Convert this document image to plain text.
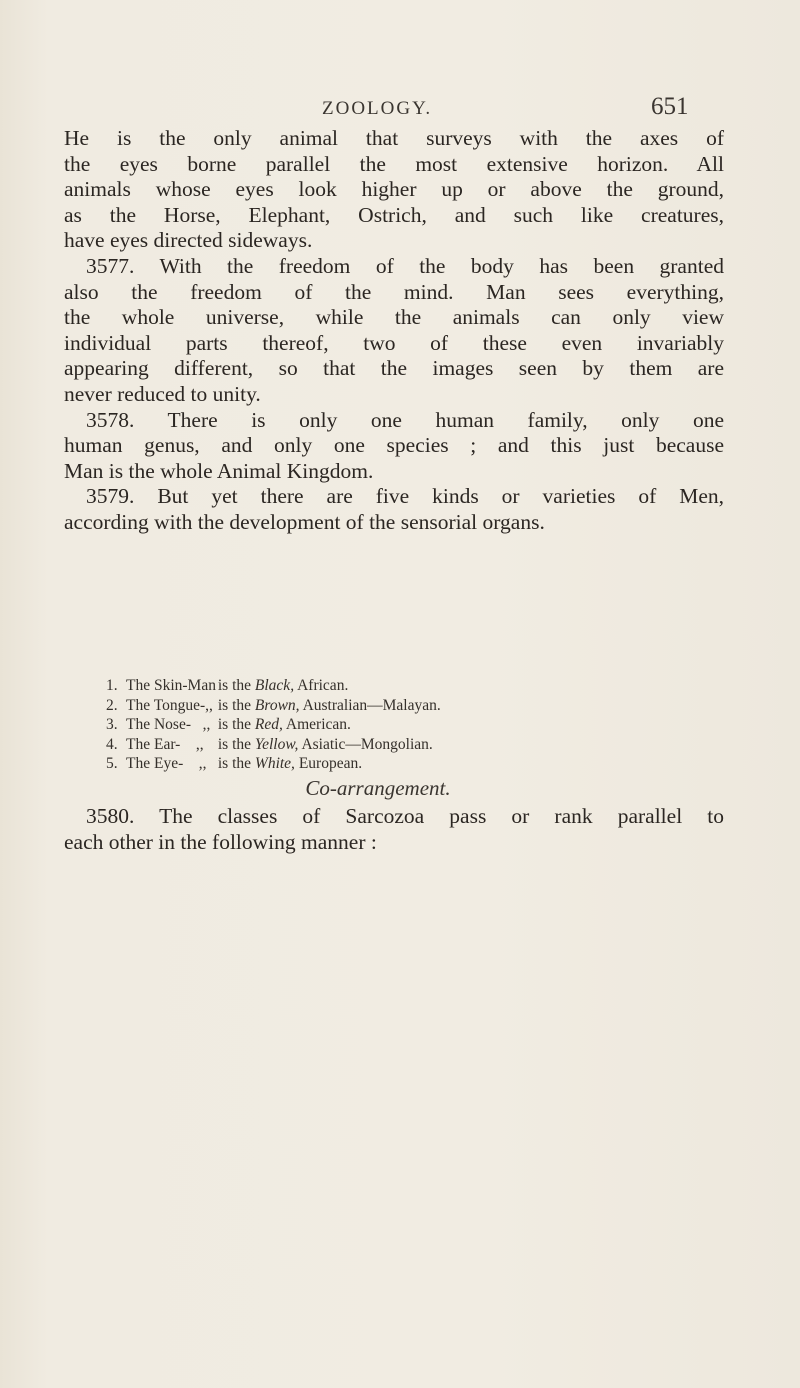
ZOOLOGY.	651
He is the only animal that surveys with the axes of
the eyes borne parallel the most extensive horizon. All
animals whose eyes look higher up or above the ground,
as the Horse, Elephant, Ostrich, and such like creatures,
have eyes directed sideways.
3577. With the freedom of the body has been granted
also the freedom of the mind. Man sees everything,
the whole universe, while the animals can only view
individual parts thereof, two of these even invariably
appearing different, so that the images seen by them are
never reduced to unity.
3578. There is only one human family, only one
human genus, and only one species ; and this just because
Man is the whole Animal Kingdom.
3579. But yet there are five kinds or varieties of Men,
according with the development of the sensorial organs.
1. The Skin-Man is the Black, African.
2. The Tongue-,, is the Brown, Australian—Malayan.
3. The Nose-   ,, is the Red, American.
4. The Ear-    ,, is the Yellow, Asiatic—Mongolian.
5. The Eye-    ,, is the White, European.
Co-arrangement.
3580. The classes of Sarcozoa pass or rank parallel to
each other in the following manner :
